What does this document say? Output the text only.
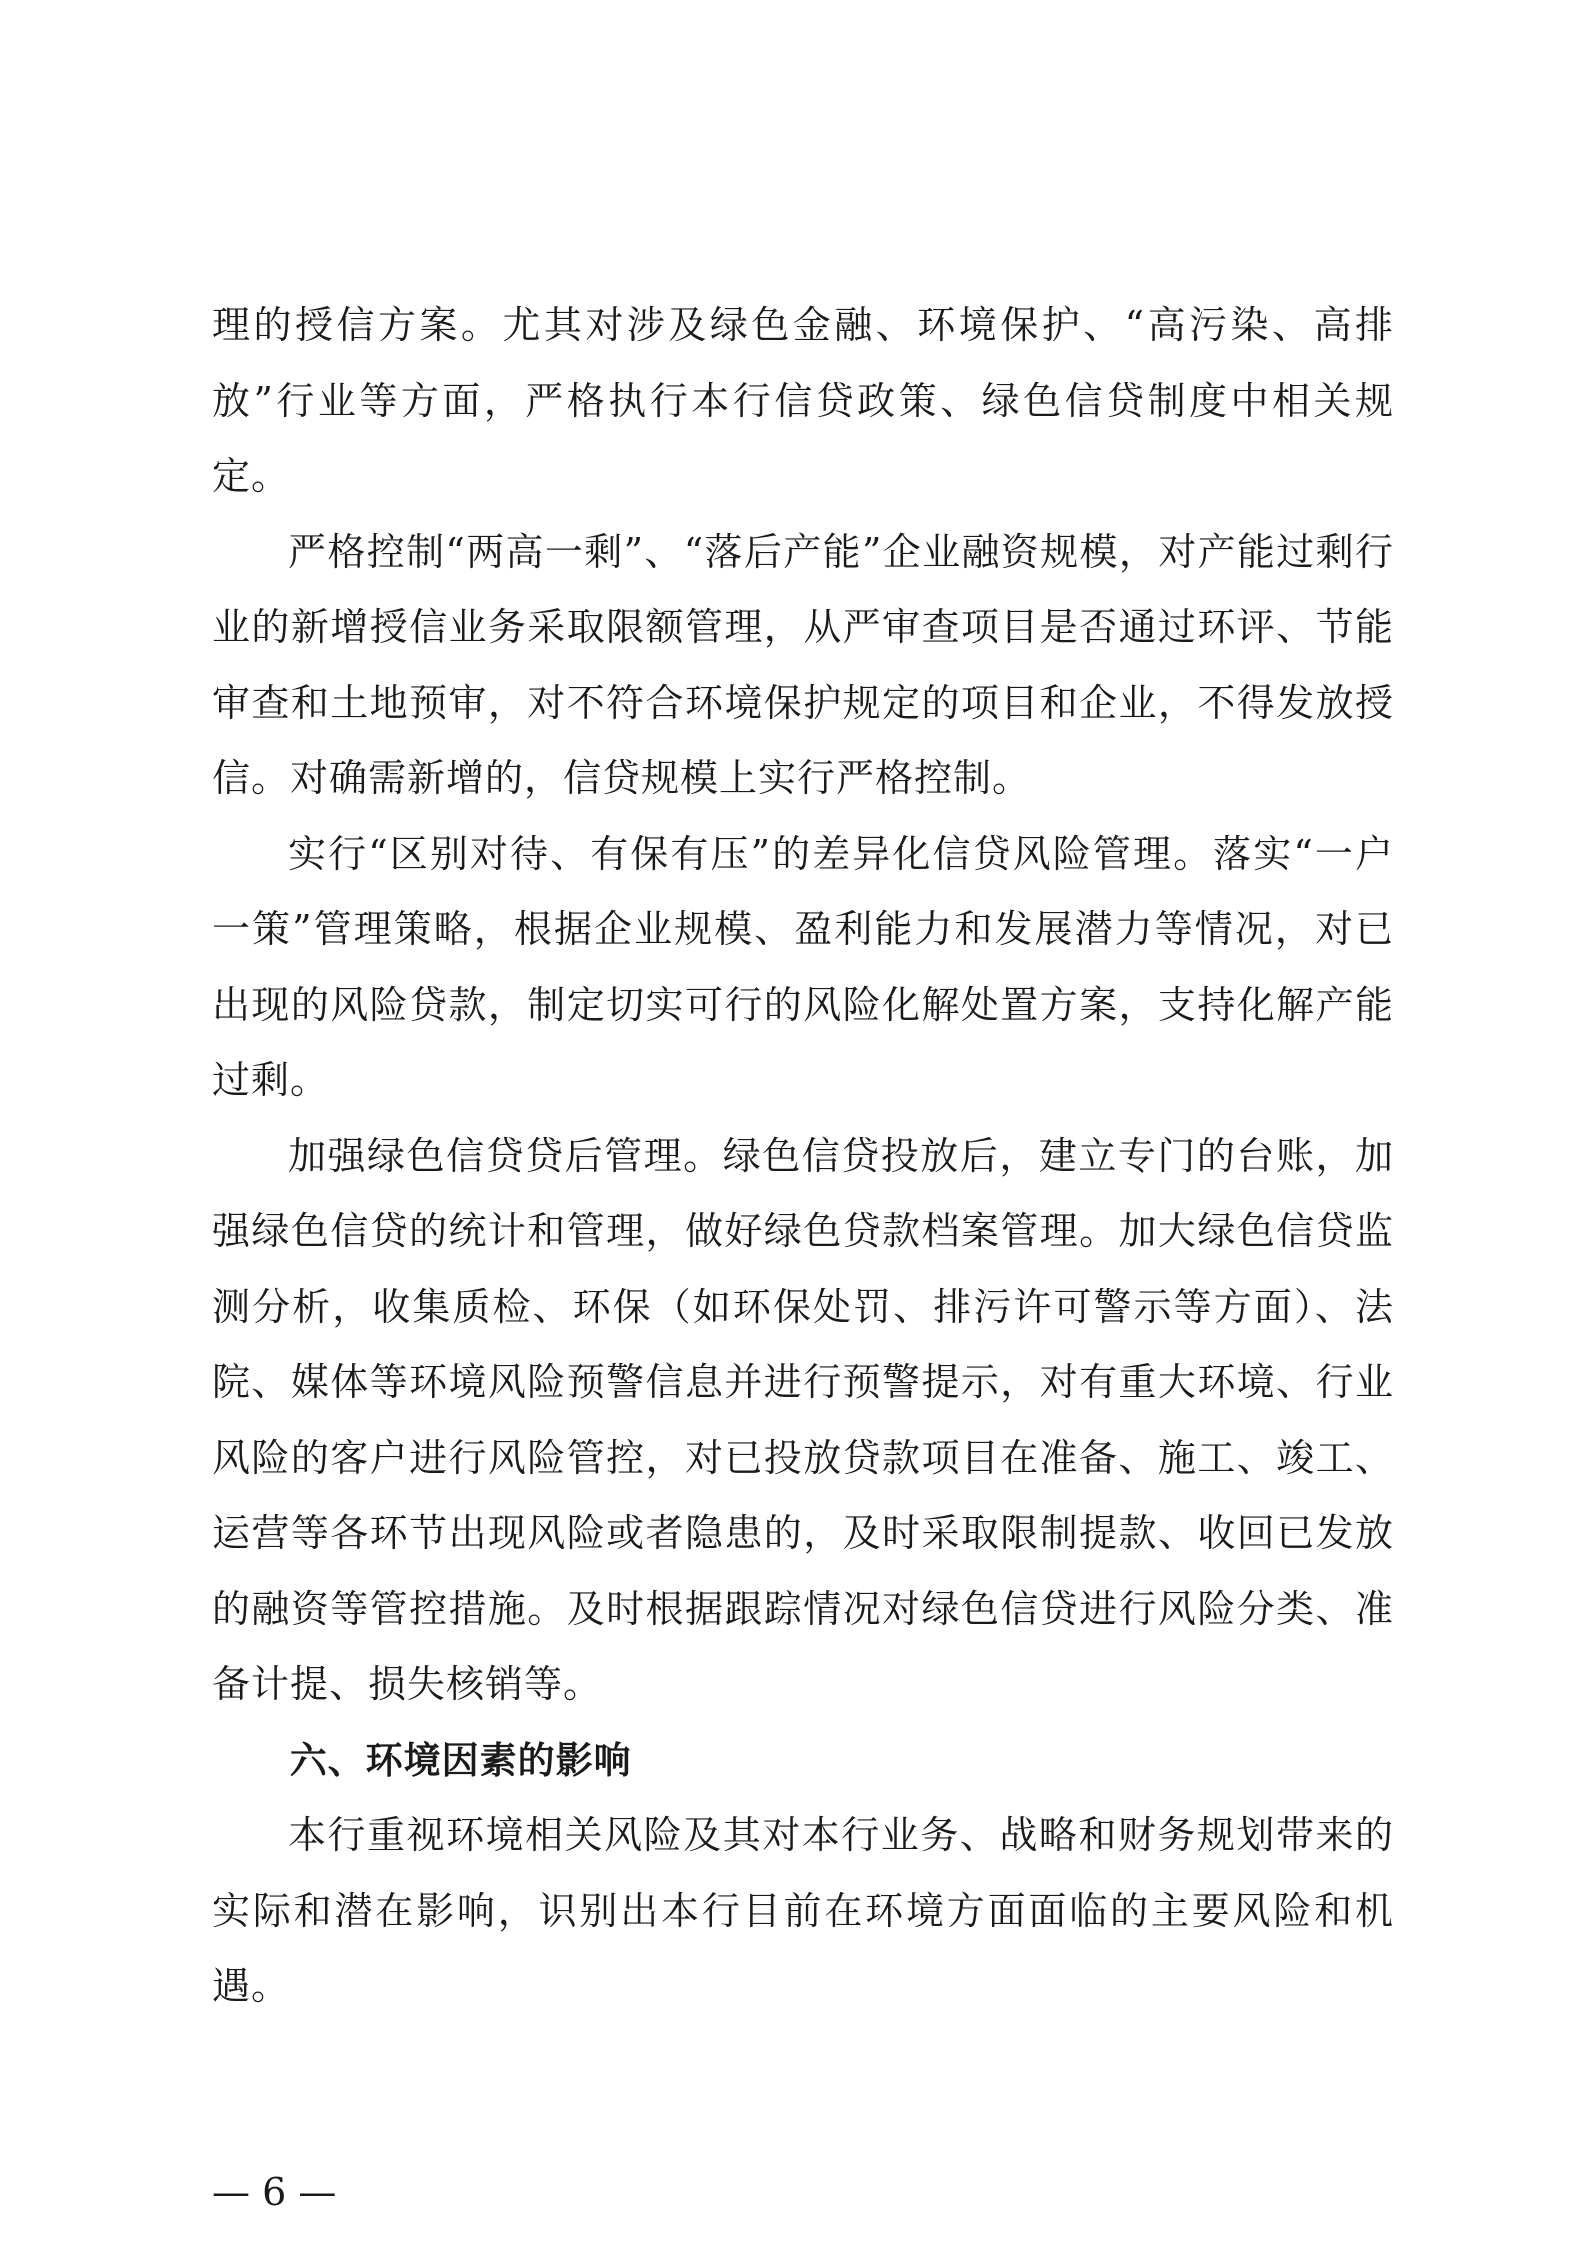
理的授信方案。尤其对涉及绿色金融、环境保护、“高污染、高排放”行业等方面，严格执行本行信贷政策、绿色信贷制度中相关规定。

严格控制“两高一剩”、“落后产能”企业融资规模，对产能过剩行业的新增授信业务采取限额管理，从严审查项目是否通过环评、节能审查和土地预审，对不符合环境保护规定的项目和企业，不得发放授信。对确需新增的，信贷规模上实行严格控制。

实行“区别对待、有保有压”的差异化信贷风险管理。落实“一户一策”管理策略，根据企业规模、盈利能力和发展潜力等情况，对已出现的风险贷款，制定切实可行的风险化解处置方案，支持化解产能过剩。

加强绿色信贷贷后管理。绿色信贷投放后，建立专门的台账，加强绿色信贷的统计和管理，做好绿色贷款档案管理。加大绿色信贷监测分析，收集质检、环保（如环保处罚、排污许可警示等方面）、法院、媒体等环境风险预警信息并进行预警提示，对有重大环境、行业风险的客户进行风险管控，对已投放贷款项目在准备、施工、竣工、运营等各环节出现风险或者隐患的，及时采取限制提款、收回已发放的融资等管控措施。及时根据跟踪情况对绿色信贷进行风险分类、准备计提、损失核销等。

六、环境因素的影响

本行重视环境相关风险及其对本行业务、战略和财务规划带来的实际和潜在影响，识别出本行目前在环境方面面临的主要风险和机遇。

— 6 —
